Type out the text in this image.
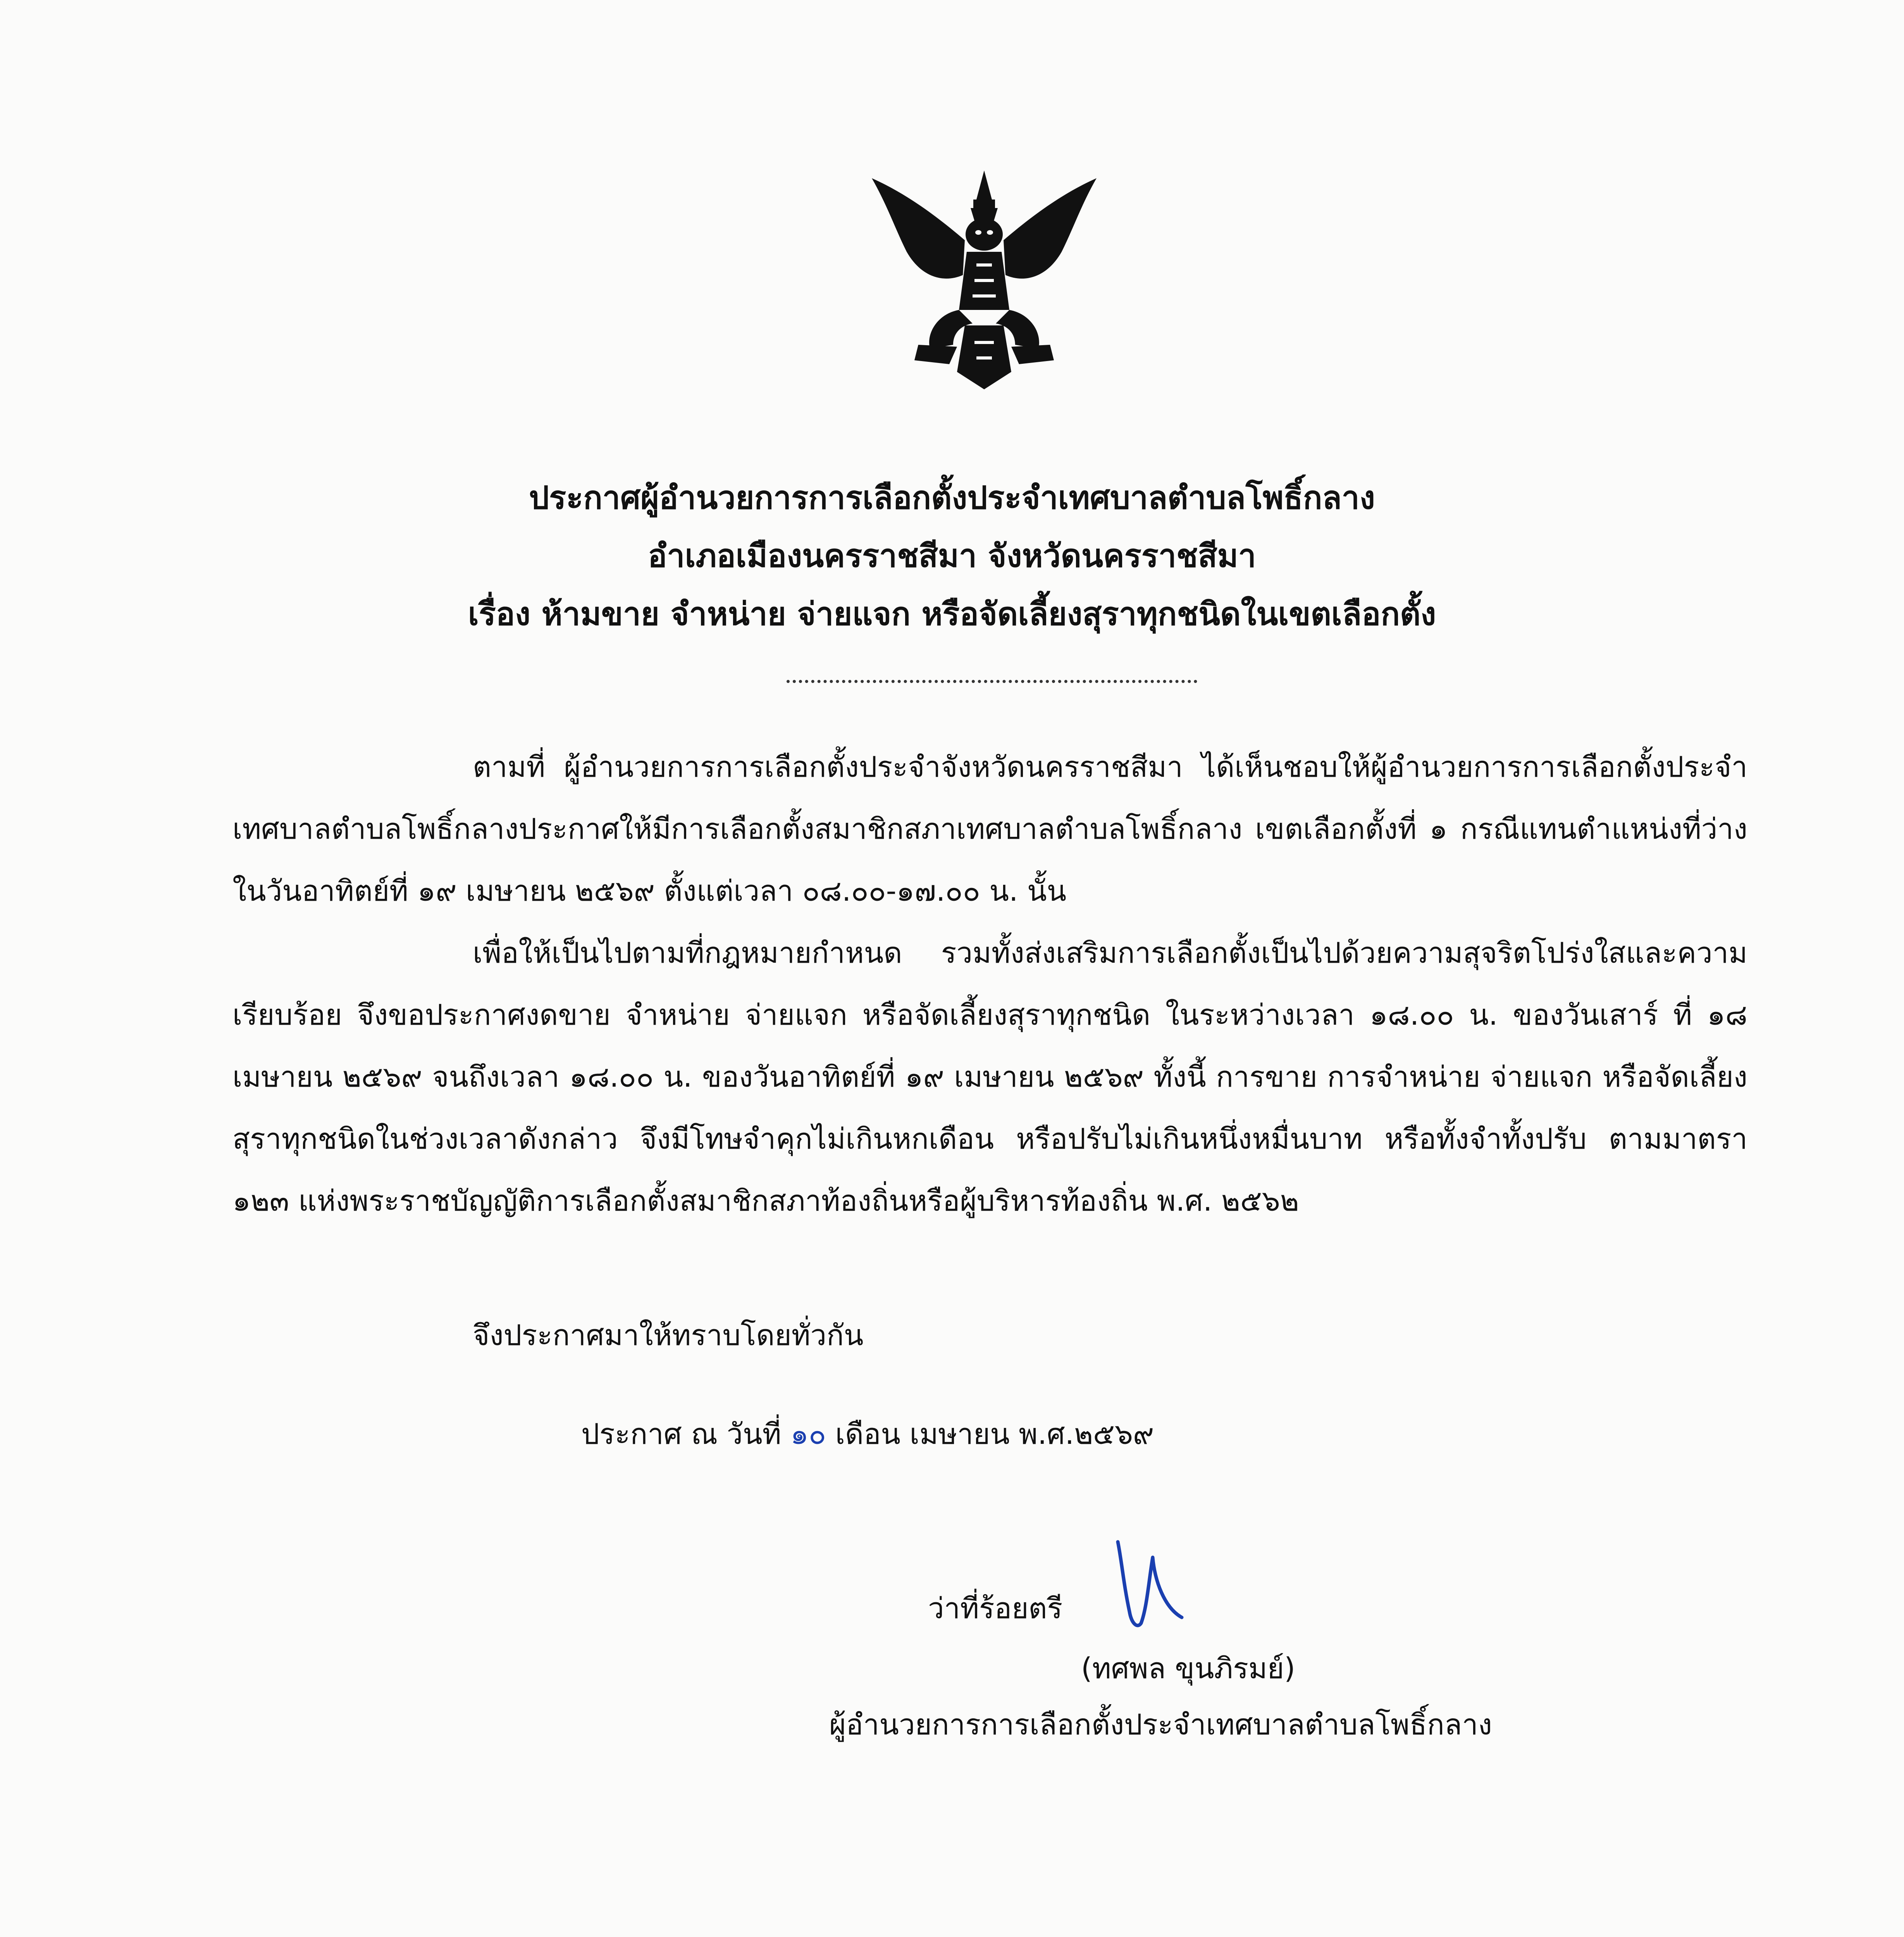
ประกาศผู้อำนวยการการเลือกตั้งประจำเทศบาลตำบลโพธิ์กลาง
อำเภอเมืองนครราชสีมา จังหวัดนครราชสีมา
เรื่อง ห้ามขาย จำหน่าย จ่ายแจก หรือจัดเลี้ยงสุราทุกชนิดในเขตเลือกตั้ง
ตามที่ ผู้อำนวยการการเลือกตั้งประจำจังหวัดนครราชสีมา ได้เห็นชอบให้ผู้อำนวยการการเลือกตั้งประจำเทศบาลตำบลโพธิ์กลางประกาศให้มีการเลือกตั้งสมาชิกสภาเทศบาลตำบลโพธิ์กลาง เขตเลือกตั้งที่ ๑ กรณีแทนตำแหน่งที่ว่าง ในวันอาทิตย์ที่ ๑๙ เมษายน ๒๕๖๙ ตั้งแต่เวลา ๐๘.๐๐-๑๗.๐๐ น. นั้น
เพื่อให้เป็นไปตามที่กฎหมายกำหนด รวมทั้งส่งเสริมการเลือกตั้งเป็นไปด้วยความสุจริตโปร่งใสและความเรียบร้อย จึงขอประกาศงดขาย จำหน่าย จ่ายแจก หรือจัดเลี้ยงสุราทุกชนิด ในระหว่างเวลา ๑๘.๐๐ น. ของวันเสาร์ ที่ ๑๘ เมษายน ๒๕๖๙ จนถึงเวลา ๑๘.๐๐ น. ของวันอาทิตย์ที่ ๑๙ เมษายน ๒๕๖๙ ทั้งนี้ การขาย การจำหน่าย จ่ายแจก หรือจัดเลี้ยงสุราทุกชนิดในช่วงเวลาดังกล่าว จึงมีโทษจำคุกไม่เกินหกเดือน หรือปรับไม่เกินหนึ่งหมื่นบาท หรือทั้งจำทั้งปรับ ตามมาตรา ๑๒๓ แห่งพระราชบัญญัติการเลือกตั้งสมาชิกสภาท้องถิ่นหรือผู้บริหารท้องถิ่น พ.ศ. ๒๕๖๒
จึงประกาศมาให้ทราบโดยทั่วกัน
ประกาศ ณ วันที่ ๑๐ เดือน เมษายน พ.ศ.๒๕๖๙
ว่าที่ร้อยตรี
(ทศพล ขุนภิรมย์)
ผู้อำนวยการการเลือกตั้งประจำเทศบาลตำบลโพธิ์กลาง
